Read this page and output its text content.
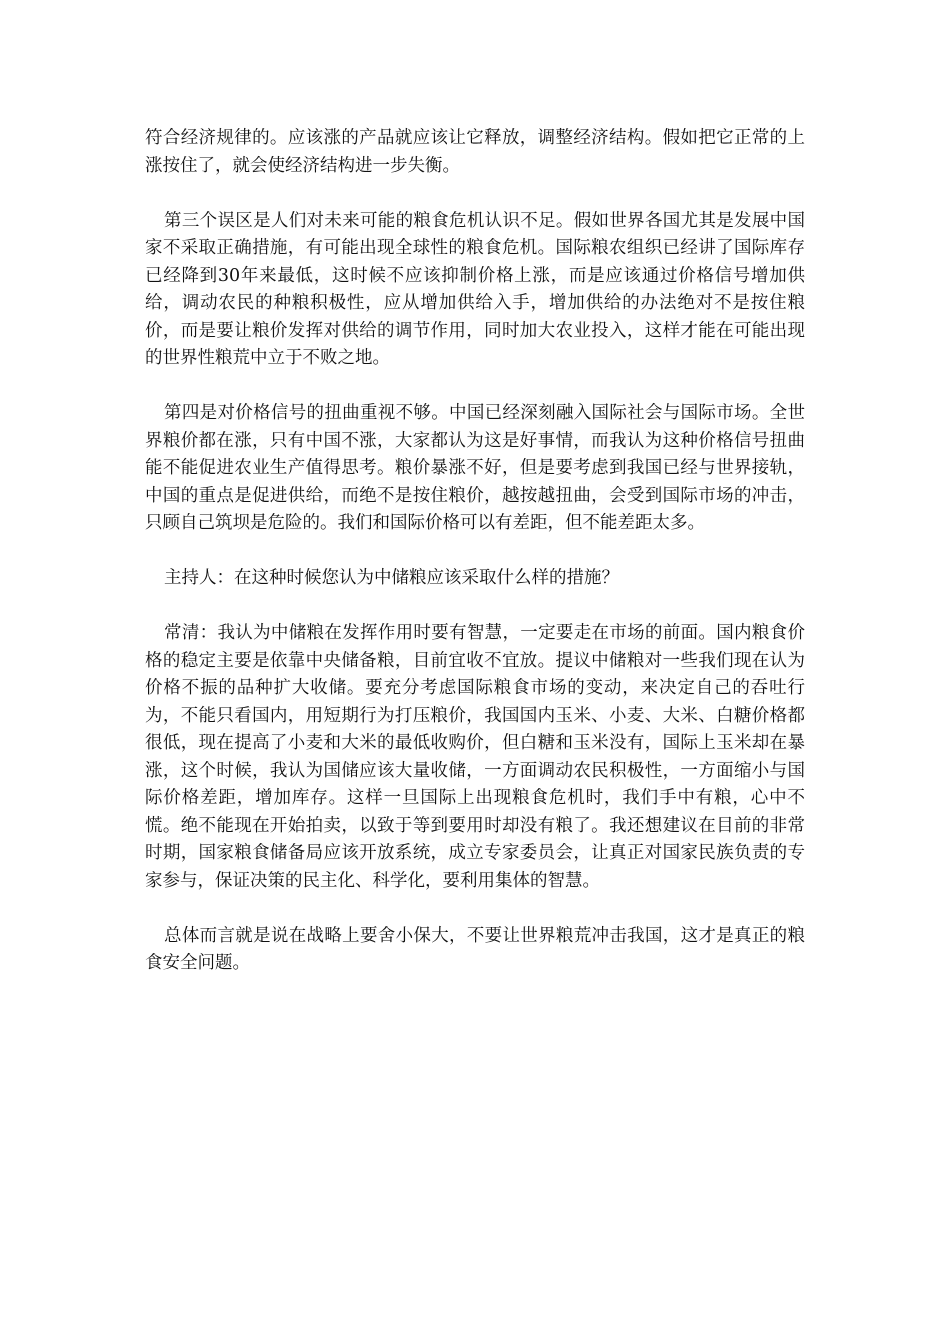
符合经济规律的。应该涨的产品就应该让它释放，调整经济结构。假如把它正常的上涨按住了，就会使经济结构进一步失衡。

第三个误区是人们对未来可能的粮食危机认识不足。假如世界各国尤其是发展中国家不采取正确措施，有可能出现全球性的粮食危机。国际粮农组织已经讲了国际库存已经降到30年来最低，这时候不应该抑制价格上涨，而是应该通过价格信号增加供给，调动农民的种粮积极性，应从增加供给入手，增加供给的办法绝对不是按住粮价，而是要让粮价发挥对供给的调节作用，同时加大农业投入，这样才能在可能出现的世界性粮荒中立于不败之地。

第四是对价格信号的扭曲重视不够。中国已经深刻融入国际社会与国际市场。全世界粮价都在涨，只有中国不涨，大家都认为这是好事情，而我认为这种价格信号扭曲能不能促进农业生产值得思考。粮价暴涨不好，但是要考虑到我国已经与世界接轨，中国的重点是促进供给，而绝不是按住粮价，越按越扭曲，会受到国际市场的冲击，只顾自己筑坝是危险的。我们和国际价格可以有差距，但不能差距太多。

主持人：在这种时候您认为中储粮应该采取什么样的措施？

常清：我认为中储粮在发挥作用时要有智慧，一定要走在市场的前面。国内粮食价格的稳定主要是依靠中央储备粮，目前宜收不宜放。提议中储粮对一些我们现在认为价格不振的品种扩大收储。要充分考虑国际粮食市场的变动，来决定自己的吞吐行为，不能只看国内，用短期行为打压粮价，我国国内玉米、小麦、大米、白糖价格都很低，现在提高了小麦和大米的最低收购价，但白糖和玉米没有，国际上玉米却在暴涨，这个时候，我认为国储应该大量收储，一方面调动农民积极性，一方面缩小与国际价格差距，增加库存。这样一旦国际上出现粮食危机时，我们手中有粮，心中不慌。绝不能现在开始拍卖，以致于等到要用时却没有粮了。我还想建议在目前的非常时期，国家粮食储备局应该开放系统，成立专家委员会，让真正对国家民族负责的专家参与，保证决策的民主化、科学化，要利用集体的智慧。

总体而言就是说在战略上要舍小保大，不要让世界粮荒冲击我国，这才是真正的粮食安全问题。
